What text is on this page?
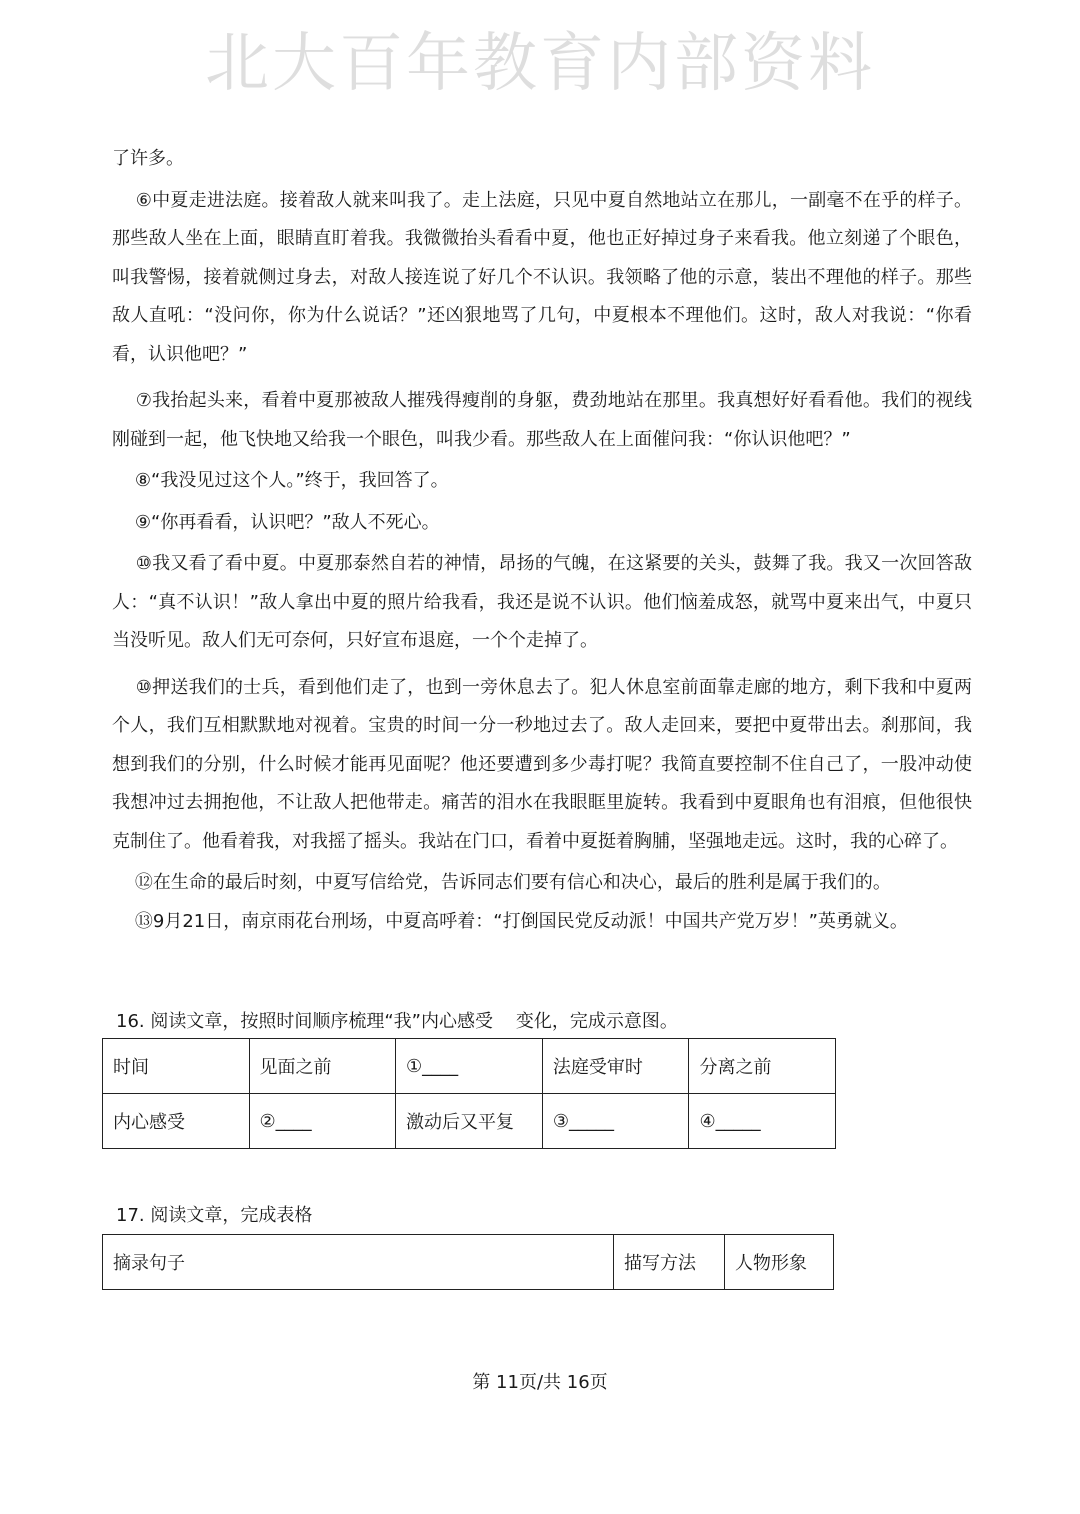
北大百年教育内部资料

了许多。

⑥中夏走进法庭。接着敌人就来叫我了。走上法庭，只见中夏自然地站立在那儿，一副毫不在乎的样子。那些敌人坐在上面，眼睛直盯着我。我微微抬头看看中夏，他也正好掉过身子来看我。他立刻递了个眼色，叫我警惕，接着就侧过身去，对敌人接连说了好几个不认识。我领略了他的示意，装出不理他的样子。那些敌人直吼：“没问你，你为什么说话？”还凶狠地骂了几句，中夏根本不理他们。这时，敌人对我说：“你看看，认识他吧？”

⑦我抬起头来，看着中夏那被敌人摧残得瘦削的身躯，费劲地站在那里。我真想好好看看他。我们的视线刚碰到一起，他飞快地又给我一个眼色，叫我少看。那些敌人在上面催问我：“你认识他吧？”

⑧“我没见过这个人。”终于，我回答了。

⑨“你再看看，认识吧？”敌人不死心。

⑩我又看了看中夏。中夏那泰然自若的神情，昂扬的气魄，在这紧要的关头，鼓舞了我。我又一次回答敌人：“真不认识！”敌人拿出中夏的照片给我看，我还是说不认识。他们恼羞成怒，就骂中夏来出气，中夏只当没听见。敌人们无可奈何，只好宣布退庭，一个个走掉了。

⑩押送我们的士兵，看到他们走了，也到一旁休息去了。犯人休息室前面靠走廊的地方，剩下我和中夏两个人，我们互相默默地对视着。宝贵的时间一分一秒地过去了。敌人走回来，要把中夏带出去。刹那间，我想到我们的分别，什么时候才能再见面呢？他还要遭到多少毒打呢？我简直要控制不住自己了，一股冲动使我想冲过去拥抱他，不让敌人把他带走。痛苦的泪水在我眼眶里旋转。我看到中夏眼角也有泪痕，但他很快克制住了。他看着我，对我摇了摇头。我站在门口，看着中夏挺着胸脯，坚强地走远。这时，我的心碎了。

⑫在生命的最后时刻，中夏写信给党，告诉同志们要有信心和决心，最后的胜利是属于我们的。

⑬9月21日，南京雨花台刑场，中夏高呼着：“打倒国民党反动派！中国共产党万岁！”英勇就义。

16. 阅读文章，按照时间顺序梳理“我”内心感受    变化，完成示意图。
时间	见面之前	①____	法庭受审时	分离之前
内心感受	②____	激动后又平复	③_____	④_____
17. 阅读文章，完成表格
摘录句子	描写方法	人物形象
第 11页/共 16页
